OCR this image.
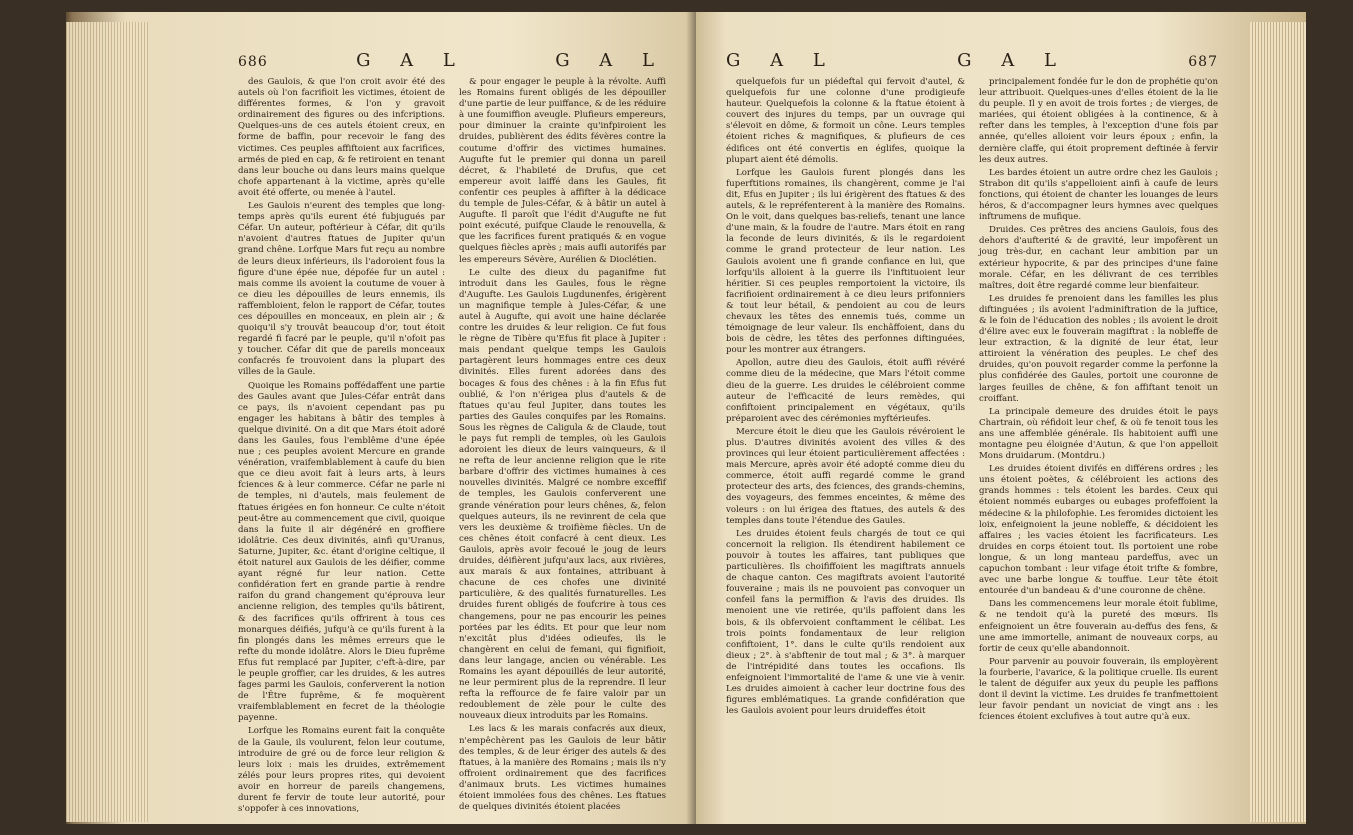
686	G A L	G A L

des Gaulois, & que l'on croit avoir été des autels où l'on facrifioit les victimes, étoient de différentes formes, & l'on y gravoit ordinairement des figures ou des infcriptions. Quelques-uns de ces autels étoient creux, en forme de baffin, pour recevoir le fang des victimes. Ces peuples affiftoient aux facrifices, armés de pied en cap, & fe retiroient en tenant dans leur bouche ou dans leurs mains quelque chofe appartenant à la victime, après qu'elle avoit été offerte, ou menée à l'autel.

Les Gaulois n'eurent des temples que long-temps après qu'ils eurent été fubjugués par Céfar. Un auteur, poftérieur à Céfar, dit qu'ils n'avoient d'autres ftatues de Jupiter qu'un grand chêne. Lorfque Mars fut reçu au nombre de leurs dieux inférieurs, ils l'adoroient fous la figure d'une épée nue, dépofée fur un autel : mais comme ils avoient la coutume de vouer à ce dieu les dépouilles de leurs ennemis, ils raffembloient, felon le rapport de Céfar, toutes ces dépouilles en monceaux, en plein air ; & quoiqu'il s'y trouvât beaucoup d'or, tout étoit regardé fi facré par le peuple, qu'il n'ofoit pas y toucher. Céfar dit que de pareils monceaux confacrés fe trouvoient dans la plupart des villes de la Gaule.

Quoique les Romains poffédaffent une partie des Gaules avant que Jules-Céfar entrât dans ce pays, ils n'avoient cependant pas pu engager les habitans à bâtir des temples à quelque divinité. On a dit que Mars étoit adoré dans les Gaules, fous l'emblême d'une épée nue ; ces peuples avoient Mercure en grande vénération, vraifemblablement à caufe du bien que ce dieu avoit fait à leurs arts, à leurs fciences & à leur commerce. Céfar ne parle ni de temples, ni d'autels, mais feulement de ftatues érigées en fon honneur. Ce culte n'étoit peut-être au commencement que civil, quoique dans la fuite il air dégénéré en groffiere idolâtrie. Ces deux divinités, ainfi qu'Uranus, Saturne, Jupiter, &c. étant d'origine celtique, il étoit naturel aux Gaulois de les déifier, comme ayant régné fur leur nation. Cette confidération fert en grande partie à rendre raifon du grand changement qu'éprouva leur ancienne religion, des temples qu'ils bâtirent, & des facrifices qu'ils offrirent à tous ces monarques déifiés, jufqu'à ce qu'ils furent à la fin plongés dans les mêmes erreurs que le refte du monde idolâtre. Alors le Dieu fuprême Efus fut remplacé par Jupiter, c'eft-à-dire, par le peuple groffier, car les druides, & les autres fages parmi les Gaulois, conferverent la notion de l'Être fuprême, & fe moquèrent vraifemblablement en fecret de la théologie payenne.

Lorfque les Romains eurent fait la conquête de la Gaule, ils voulurent, felon leur coutume, introduire de gré ou de force leur religion & leurs loix : mais les druides, extrêmement zélés pour leurs propres rites, qui devoient avoir en horreur de pareils changemens, durent fe fervir de toute leur autorité, pour s'oppofer à ces innovations,

& pour engager le peuple à la révolte. Auffi les Romains furent obligés de les dépouiller d'une partie de leur puiffance, & de les réduire à une foumiffion aveugle. Plufieurs empereurs, pour diminuer la crainte qu'infpiroient les druides, publièrent des édits févères contre la coutume d'offrir des victimes humaines. Augufte fut le premier qui donna un pareil décret, & l'habileté de Drufus, que cet empereur avoit laiffé dans les Gaules, fit confentir ces peuples à affifter à la dédicace du temple de Jules-Céfar, & à bâtir un autel à Augufte. Il paroît que l'édit d'Augufte ne fut point exécuté, puifque Claude le renouvella, & que les facrifices furent pratiqués & en vogue quelques fiècles après ; mais aufli autorifés par les empereurs Sévère, Aurélien & Dioclétien.

Le culte des dieux du paganifme fut introduit dans les Gaules, fous le règne d'Augufte. Les Gaulois Lugdunenfes, érigèrent un magnifique temple à Jules-Céfar, & une autel à Augufte, qui avoit une haine déclarée contre les druides & leur religion. Ce fut fous le règne de Tibère qu'Efus fit place à Jupiter : mais pendant quelque temps les Gaulois partagèrent leurs hommages entre ces deux divinités. Elles furent adorées dans des bocages & fous des chênes : à la fin Efus fut oublié, & l'on n'érigea plus d'autels & de ftatues qu'au feul Jupiter, dans toutes les parties des Gaules conquifes par les Romains. Sous les règnes de Caligula & de Claude, tout le pays fut rempli de temples, où les Gaulois adoroient les dieux de leurs vainqueurs, & il ne refta de leur ancienne religion que le rite barbare d'offrir des victimes humaines à ces nouvelles divinités. Malgré ce nombre exceffif de temples, les Gaulois conferverent une grande vénération pour leurs chênes, &, felon quelques auteurs, ils ne revinrent de cela que vers les deuxième & troifième fiècles. Un de ces chênes étoit confacré à cent dieux. Les Gaulois, après avoir fecoué le joug de leurs druides, déifièrent jufqu'aux lacs, aux rivières, aux marais & aux fontaines, attribuant à chacune de ces chofes une divinité particulière, & des qualités furnaturelles. Les druides furent obligés de foufcrire à tous ces changemens, pour ne pas encourir les peines portées par les édits. Et pour que leur nom n'excitât plus d'idées odieufes, ils le changèrent en celui de femani, qui fignifioit, dans leur langage, ancien ou vénérable. Les Romains les ayant dépouillés de leur autorité, ne leur permirent plus de la reprendre. Il leur refta la reffource de fe faire valoir par un redoublement de zèle pour le culte des nouveaux dieux introduits par les Romains.

Les lacs & les marais confacrés aux dieux, n'empêchèrent pas les Gaulois de leur bâtir des temples, & de leur ériger des autels & des ftatues, à la manière des Romains ; mais ils n'y offroient ordinairement que des facrifices d'animaux bruts. Les victimes humaines étoient immolées fous des chênes. Les ftatues de quelques divinités étoient placées

G A L	G A L	687

quelquefois fur un piédeftal qui fervoit d'autel, & quelquefois fur une colonne d'une prodigieufe hauteur. Quelquefois la colonne & la ftatue étoient à couvert des injures du temps, par un ouvrage qui s'élevoit en dôme, & formoit un cône. Leurs temples étoient riches & magnifiques, & plufieurs de ces édifices ont été convertis en églifes, quoique la plupart aient été démolis.

Lorfque les Gaulois furent plongés dans les fuperftitions romaines, ils changèrent, comme je l'ai dit, Efus en Jupiter ; ils lui érigèrent des ftatues & des autels, & le repréfenterent à la manière des Romains. On le voit, dans quelques bas-reliefs, tenant une lance d'une main, & la foudre de l'autre. Mars étoit en rang la feconde de leurs divinités, & ils le regardoient comme le grand protecteur de leur nation. Les Gaulois avoient une fi grande confiance en lui, que lorfqu'ils alloient à la guerre ils l'inftituoient leur héritier. Si ces peuples remportoient la victoire, ils facrifioient ordinairement à ce dieu leurs prifonniers & tout leur bétail, & pendoient au cou de leurs chevaux les têtes des ennemis tués, comme un témoignage de leur valeur. Ils enchâffoient, dans du bois de cèdre, les têtes des perfonnes diftinguées, pour les montrer aux étrangers.

Apollon, autre dieu des Gaulois, étoit auffi révéré comme dieu de la médecine, que Mars l'étoit comme dieu de la guerre. Les druides le célébroient comme auteur de l'efficacité de leurs remèdes, qui confiftoient principalement en végétaux, qu'ils préparoient avec des cérémonies myftérieufes.

Mercure étoit le dieu que les Gaulois révéroient le plus. D'autres divinités avoient des villes & des provinces qui leur étoient particulièrement affectées : mais Mercure, après avoir été adopté comme dieu du commerce, étoit auffi regardé comme le grand protecteur des arts, des fciences, des grands-chemins, des voyageurs, des femmes enceintes, & même des voleurs : on lui érigea des ftatues, des autels & des temples dans toute l'étendue des Gaules.

Les druides étoient feuls chargés de tout ce qui concernoit la religion. Ils étendirent habilement ce pouvoir à toutes les affaires, tant publiques que particulières. Ils choififfoient les magiftrats annuels de chaque canton. Ces magiftrats avoient l'autorité fouveraine ; mais ils ne pouvoient pas convoquer un confeil fans la permiffion & l'avis des druides. Ils menoient une vie retirée, qu'ils paffoient dans les bois, & ils obfervoient conftamment le célibat. Les trois points fondamentaux de leur religion confiftoient, 1°. dans le culte qu'ils rendoient aux dieux ; 2°. à s'abftenir de tout mal ; & 3°. à marquer de l'intrépidité dans toutes les occafions. Ils enfeignoient l'immortalité de l'ame & une vie à venir. Les druides aimoient à cacher leur doctrine fous des figures emblématiques. La grande confidération que les Gaulois avoient pour leurs druideffes étoit

principalement fondée fur le don de prophétie qu'on leur attribuoit. Quelques-unes d'elles étoient de la lie du peuple. Il y en avoit de trois fortes ; de vierges, de mariées, qui étoient obligées à la continence, & à refter dans les temples, à l'exception d'une fois par année, qu'elles alloient voir leurs époux ; enfin, la dernière claffe, qui étoit proprement deftinée à fervir les deux autres.

Les bardes étoient un autre ordre chez les Gaulois ; Strabon dit qu'ils s'appelloient ainfi à caufe de leurs fonctions, qui étoient de chanter les louanges de leurs héros, & d'accompagner leurs hymnes avec quelques inftrumens de mufique.

Druides. Ces prêtres des anciens Gaulois, fous des dehors d'aufterité & de gravité, leur impofèrent un joug très-dur, en cachant leur ambition par un extérieur hypocrite, & par des principes d'une faine morale. Céfar, en les délivrant de ces terribles maîtres, doit être regardé comme leur bienfaiteur.

Les druides fe prenoient dans les familles les plus diftinguées ; ils avoient l'adminiftration de la juftice, & le foin de l'éducation des nobles ; ils avoient le droit d'élire avec eux le fouverain magiftrat : la nobleffe de leur extraction, & la dignité de leur état, leur attiroient la vénération des peuples. Le chef des druides, qu'on pouvoit regarder comme la perfonne la plus confidérée des Gaules, portoit une couronne de larges feuilles de chêne, & fon affiftant tenoit un croiffant.

La principale demeure des druides étoit le pays Chartrain, où réfidoit leur chef, & où fe tenoit tous les ans une affemblée générale. Ils habitoient auffi une montagne peu éloignée d'Autun, & que l'on appelloit Mons druidarum. (Montdru.)

Les druides étoient divifés en différens ordres ; les uns étoient poètes, & célébroient les actions des grands hommes : tels étoient les bardes. Ceux qui étoient nommés eubarges ou eubages profeffoient la médecine & la philofophie. Les feromides dictoient les loix, enfeignoient la jeune nobleffe, & décidoient les affaires ; les vacies étoient les facrificateurs. Les druides en corps étoient tout. Ils portoient une robe longue, & un long manteau pardeffus, avec un capuchon tombant : leur vifage étoit trifte & fombre, avec une barbe longue & touffue. Leur tête étoit entourée d'un bandeau & d'une couronne de chêne.

Dans les commencemens leur morale étoit fublime, & ne tendoit qu'à la pureté des mœurs. Ils enfeignoient un être fouverain au-deffus des fens, & une ame immortelle, animant de nouveaux corps, au fortir de ceux qu'elle abandonnoit.

Pour parvenir au pouvoir fouverain, ils employèrent la fourberie, l'avarice, & la politique cruelle. Ils eurent le talent de déguifer aux yeux du peuple les paffions dont il devint la victime. Les druides fe tranfmettoient leur favoir pendant un noviciat de vingt ans : les fciences étoient exclufives à tout autre qu'à eux.
